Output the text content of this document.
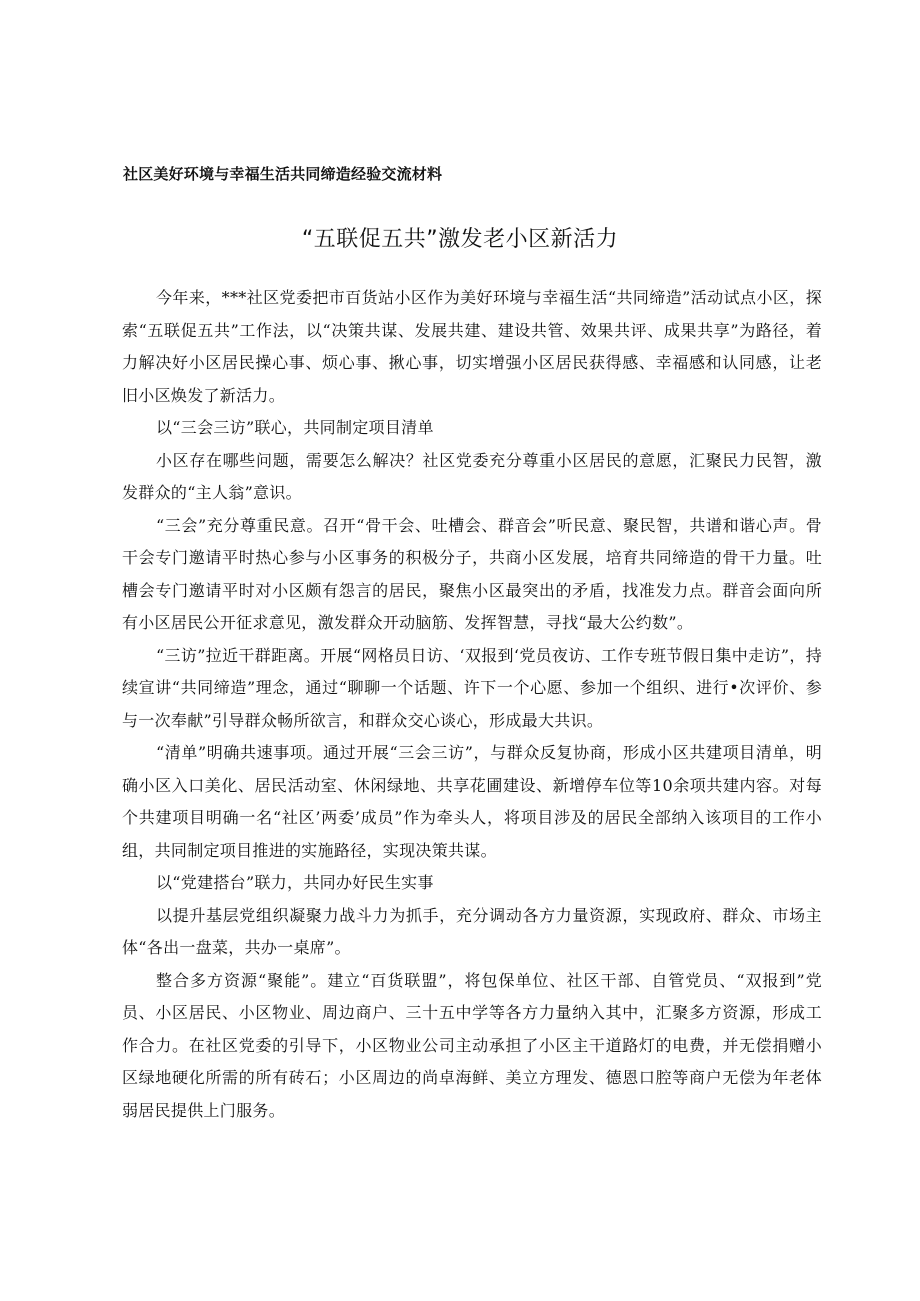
社区美好环境与幸福生活共同缔造经验交流材料
“五联促五共”激发老小区新活力

今年来，***社区党委把市百货站小区作为美好环境与幸福生活“共同缔造”活动试点小区，探索“五联促五共”工作法，以“决策共谋、发展共建、建设共管、效果共评、成果共享”为路径，着力解决好小区居民操心事、烦心事、揪心事，切实增强小区居民获得感、幸福感和认同感，让老旧小区焕发了新活力。

以“三会三访”联心，共同制定项目清单

小区存在哪些问题，需要怎么解决？社区党委充分尊重小区居民的意愿，汇聚民力民智，激发群众的“主人翁”意识。

“三会”充分尊重民意。召开“骨干会、吐槽会、群音会”听民意、聚民智，共谱和谐心声。骨干会专门邀请平时热心参与小区事务的积极分子，共商小区发展，培育共同缔造的骨干力量。吐槽会专门邀请平时对小区颇有怨言的居民，聚焦小区最突出的矛盾，找准发力点。群音会面向所有小区居民公开征求意见，激发群众开动脑筋、发挥智慧，寻找“最大公约数”。

“三访”拉近干群距离。开展“网格员日访、‘双报到‘党员夜访、工作专班节假日集中走访”，持续宣讲“共同缔造”理念，通过“聊聊一个话题、许下一个心愿、参加一个组织、进行•次评价、参与一次奉献”引导群众畅所欲言，和群众交心谈心，形成最大共识。

“清单”明确共速事项。通过开展“三会三访”，与群众反复协商，形成小区共建项目清单，明确小区入口美化、居民活动室、休闲绿地、共享花圃建设、新增停车位等10余项共建内容。对每个共建项目明确一名“社区’两委’成员”作为牵头人，将项目涉及的居民全部纳入该项目的工作小组，共同制定项目推进的实施路径，实现决策共谋。

以“党建搭台”联力，共同办好民生实事

以提升基层党组织凝聚力战斗力为抓手，充分调动各方力量资源，实现政府、群众、市场主体“各出一盘菜，共办一桌席”。

整合多方资源“聚能”。建立“百货联盟”，将包保单位、社区干部、自管党员、“双报到”党员、小区居民、小区物业、周边商户、三十五中学等各方力量纳入其中，汇聚多方资源，形成工作合力。在社区党委的引导下，小区物业公司主动承担了小区主干道路灯的电费，并无偿捐赠小区绿地硬化所需的所有砖石；小区周边的尚卓海鲜、美立方理发、德恩口腔等商户无偿为年老体弱居民提供上门服务。
